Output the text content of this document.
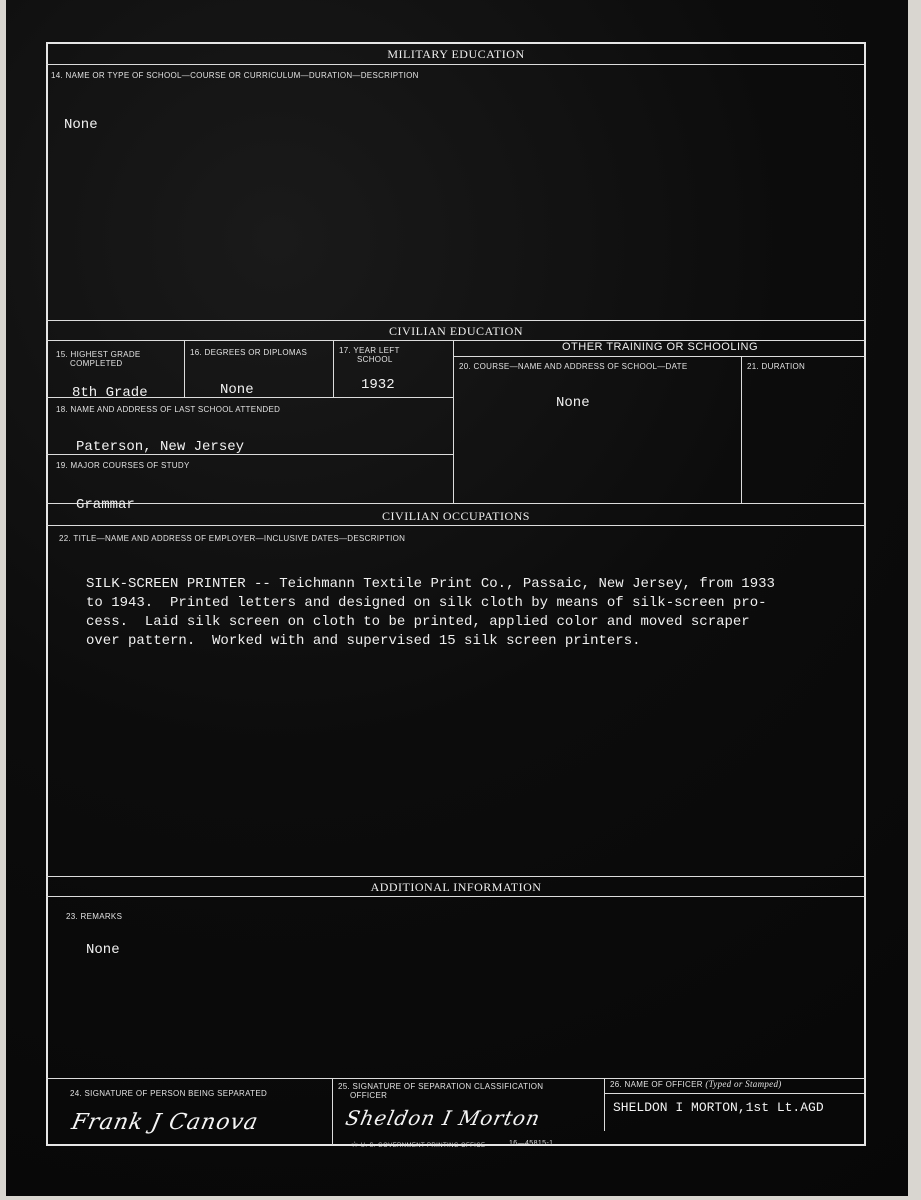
MILITARY EDUCATION
14. NAME OR TYPE OF SCHOOL—COURSE OR CURRICULUM—DURATION—DESCRIPTION
None
CIVILIAN EDUCATION
15. HIGHEST GRADE
COMPLETED
8th Grade
16. DEGREES OR DIPLOMAS
None
17. YEAR LEFT
SCHOOL
1932
18. NAME AND ADDRESS OF LAST SCHOOL ATTENDED
Paterson, New Jersey
19. MAJOR COURSES OF STUDY
Grammar
OTHER TRAINING OR SCHOOLING
20. COURSE—NAME AND ADDRESS OF SCHOOL—DATE
None
21. DURATION
CIVILIAN OCCUPATIONS
22. TITLE—NAME AND ADDRESS OF EMPLOYER—INCLUSIVE DATES—DESCRIPTION
SILK-SCREEN PRINTER -- Teichmann Textile Print Co., Passaic, New Jersey, from 1933
to 1943.  Printed letters and designed on silk cloth by means of silk-screen pro-
cess.  Laid silk screen on cloth to be printed, applied color and moved scraper
over pattern.  Worked with and supervised 15 silk screen printers.
ADDITIONAL INFORMATION
23. REMARKS
None
24. SIGNATURE OF PERSON BEING SEPARATED
Frank J Canova
25. SIGNATURE OF SEPARATION CLASSIFICATION
OFFICER
Sheldon I Morton
26. NAME OF OFFICER (Typed or Stamped)
SHELDON I MORTON,1st Lt.AGD
☆ U. S. GOVERNMENT PRINTING OFFICE	16—45815-1
